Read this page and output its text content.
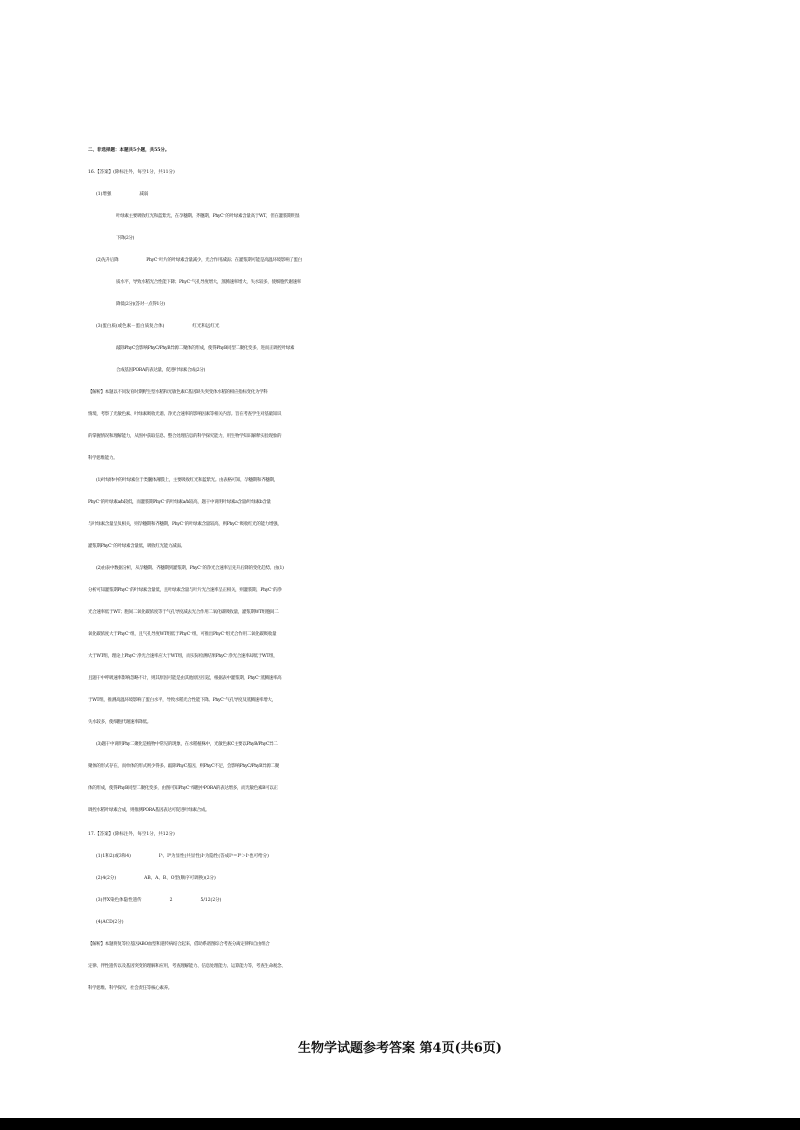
二、非选择题：本题共5小题，共55分。
16.【答案】(除标注外，每空1分，共11分)
(1)增强	减弱
叶绿素主要吸收红光和蓝紫光，在孕穗期、齐穗期，PhyC⁻的叶绿素含量高于WT，但在灌浆期明显
下降(2分)
(2)先升后降	PhyC⁻叶片的叶绿素含量减少，光合作用减弱；在灌浆期可能是高温环境影响了蛋白
质水平，导致水稻光合性能下降；PhyC⁻气孔导度增大，蒸腾速率增大，失水较多，使细胞代谢速率
降低(2分)(答对一点得1分)
(3)蛋白质(或色素－蛋白质复合体)	红光和远红光
敲除PhyC会影响PhyC/PhyB异源二聚体的形成，使得PhyB同型二聚化变多，进而正调控叶绿素
合成基因PORA的表达量，促进叶绿素合成(2分)
【解析】本题以不同发育时期野生型水稻和光敏色素C基因缺失突变体水稻的相应指标变化为学科
情境，考察了光敏色素、叶绿素吸收光谱、净光合速率的影响因素等相关内容。旨在考查学生对基础知识
的掌握情况和理解能力，从图中获取信息、整合处理信息的科学探究能力，用生物学知识解释实验现象的
科学思维能力。
(1)叶绿体中的叶绿素位于类囊体薄膜上，主要吸收红光和蓝紫光。由表格可知，孕穗期和齐穗期，
PhyC⁻的叶绿素a/b较低，而灌浆期PhyC⁻的叶绿素a/b较高，题干中说明叶绿素a含量/叶绿素b含量
与叶绿素含量呈负相关，则孕穗期和齐穗期，PhyC⁻的叶绿素含量较高，则PhyC⁻吸收红光的能力增强，
灌浆期PhyC⁻的叶绿素含量低，吸收红光能力减弱。
(2)由表中数据分析，从孕穗期、齐穗期到灌浆期，PhyC⁻的净光合速率呈先升后降的变化趋势。由(1)
分析可知灌浆期PhyC⁻的叶绿素含量低，且叶绿素含量与叶片光合速率呈正相关，则灌浆期，PhyC⁻的净
光合速率低于WT；胞间二氧化碳浓度等于气孔导度减去光合作用二氧化碳吸收量，灌浆期WT组胞间二
氧化碳浓度大于PhyC⁻组，且气孔导度WT组低于PhyC⁻组，可推出PhyC⁻组光合作用二氧化碳吸收量
大于WT组，理论上PhyC⁻净光合速率应大于WT组，而实际检测结果PhyC⁻净光合速率却低于WT组，
且题干中呼吸速率影响忽略不计，则其原因可能是由其他原因引起，根据表中灌浆期，PhyC⁻蒸腾速率高
于WT组，推测高温环境影响了蛋白水平，导致水稻光合性能下降。PhyC⁻气孔导度及蒸腾速率增大，
失水较多，使细胞代谢速率降低。
(3)题干中说明Phy二聚化是植物中常见的现象，在水稻植株中，光敏色素C主要以PhyB/PhyC异二
聚体的形式存在，而单体的形式则少得多。敲除PhyC基因，则PhyC不足，会影响PhyC/PhyB异源二聚
体的形成，使得PhyB同型二聚化变多，由图可知PhyC⁻细胞中PORA的表达增多，而光敏色素B可以正
调控水稻叶绿素合成，则推测PORA基因表达可促进叶绿素合成。
17.【答案】(除标注外，每空1分，共12分)
(1)1和2(或3和4)	Iᴬ、Iᴮ为显性(共显性)Iᶜ为隐性(答成Iᴬ＝Iᴮ＞Iᶜ也可给分)
(2)4(2分)	AB、A、B、O型(顺序可调换)(2分)
(3)伴X染色体隐性遗传	2	5/12(2分)
(4)ACD(2分)
【解析】本题将复等位基因ABO血型和遗传病结合起来，借助系谱图综合考查分离定律和自由组合
定律、伴性遗传以及基因突变的理解和应用，考查理解能力、信息处理能力、运算能力等，考查生命观念、
科学思维、科学探究、社会责任等核心素养。
生物学试题参考答案 第4页(共6页)
